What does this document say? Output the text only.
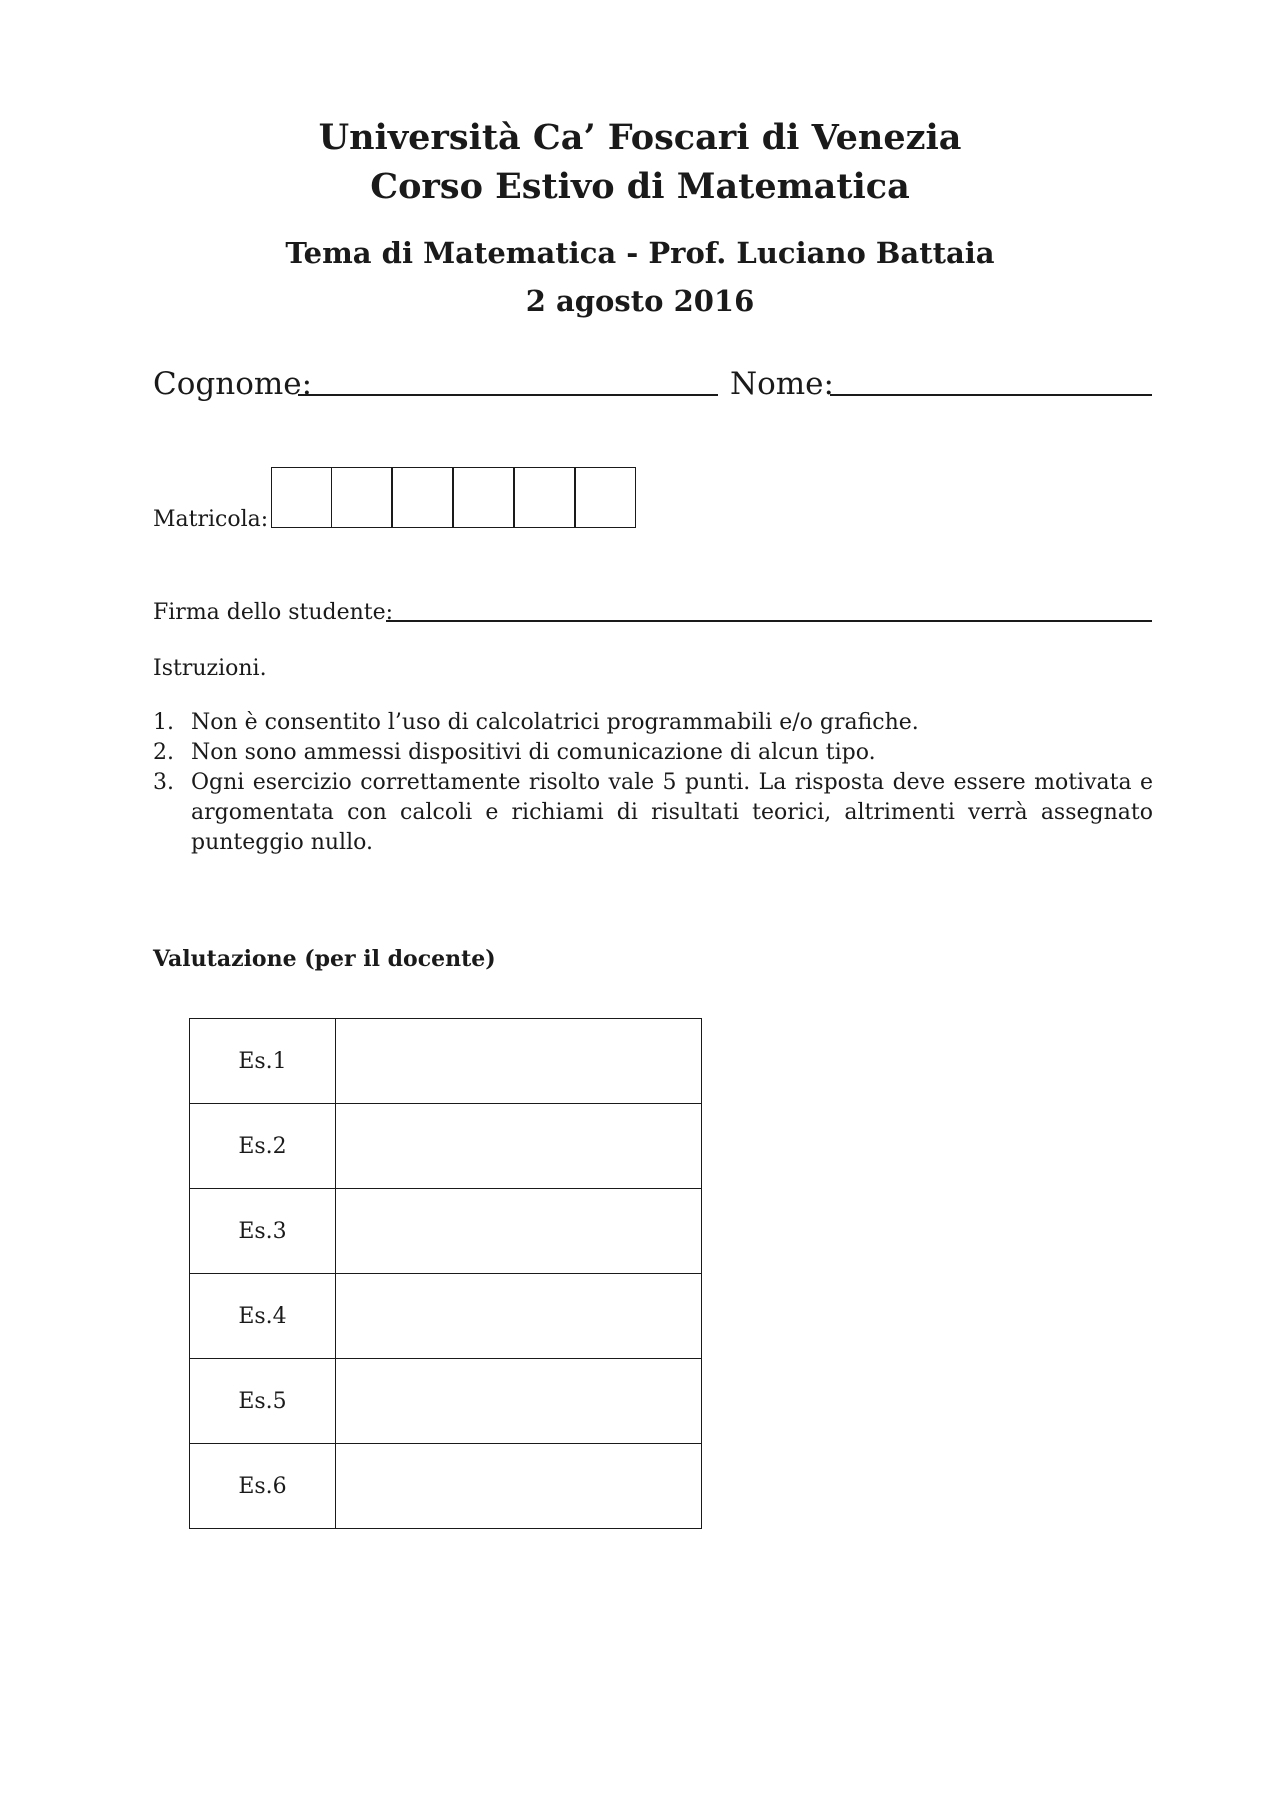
Università Ca’ Foscari di Venezia
Corso Estivo di Matematica
Tema di Matematica - Prof. Luciano Battaia
2 agosto 2016
Cognome:	Nome:
Matricola:
Firma dello studente:
Istruzioni.
1. Non è consentito l’uso di calcolatrici programmabili e/o grafiche.
2. Non sono ammessi dispositivi di comunicazione di alcun tipo.
3. Ogni esercizio correttamente risolto vale 5 punti. La risposta deve essere motivata e argomentata con calcoli e richiami di risultati teorici, altrimenti verrà assegnato punteggio nullo.
Valutazione (per il docente)
Es.1	
Es.2	
Es.3	
Es.4	
Es.5	
Es.6	
